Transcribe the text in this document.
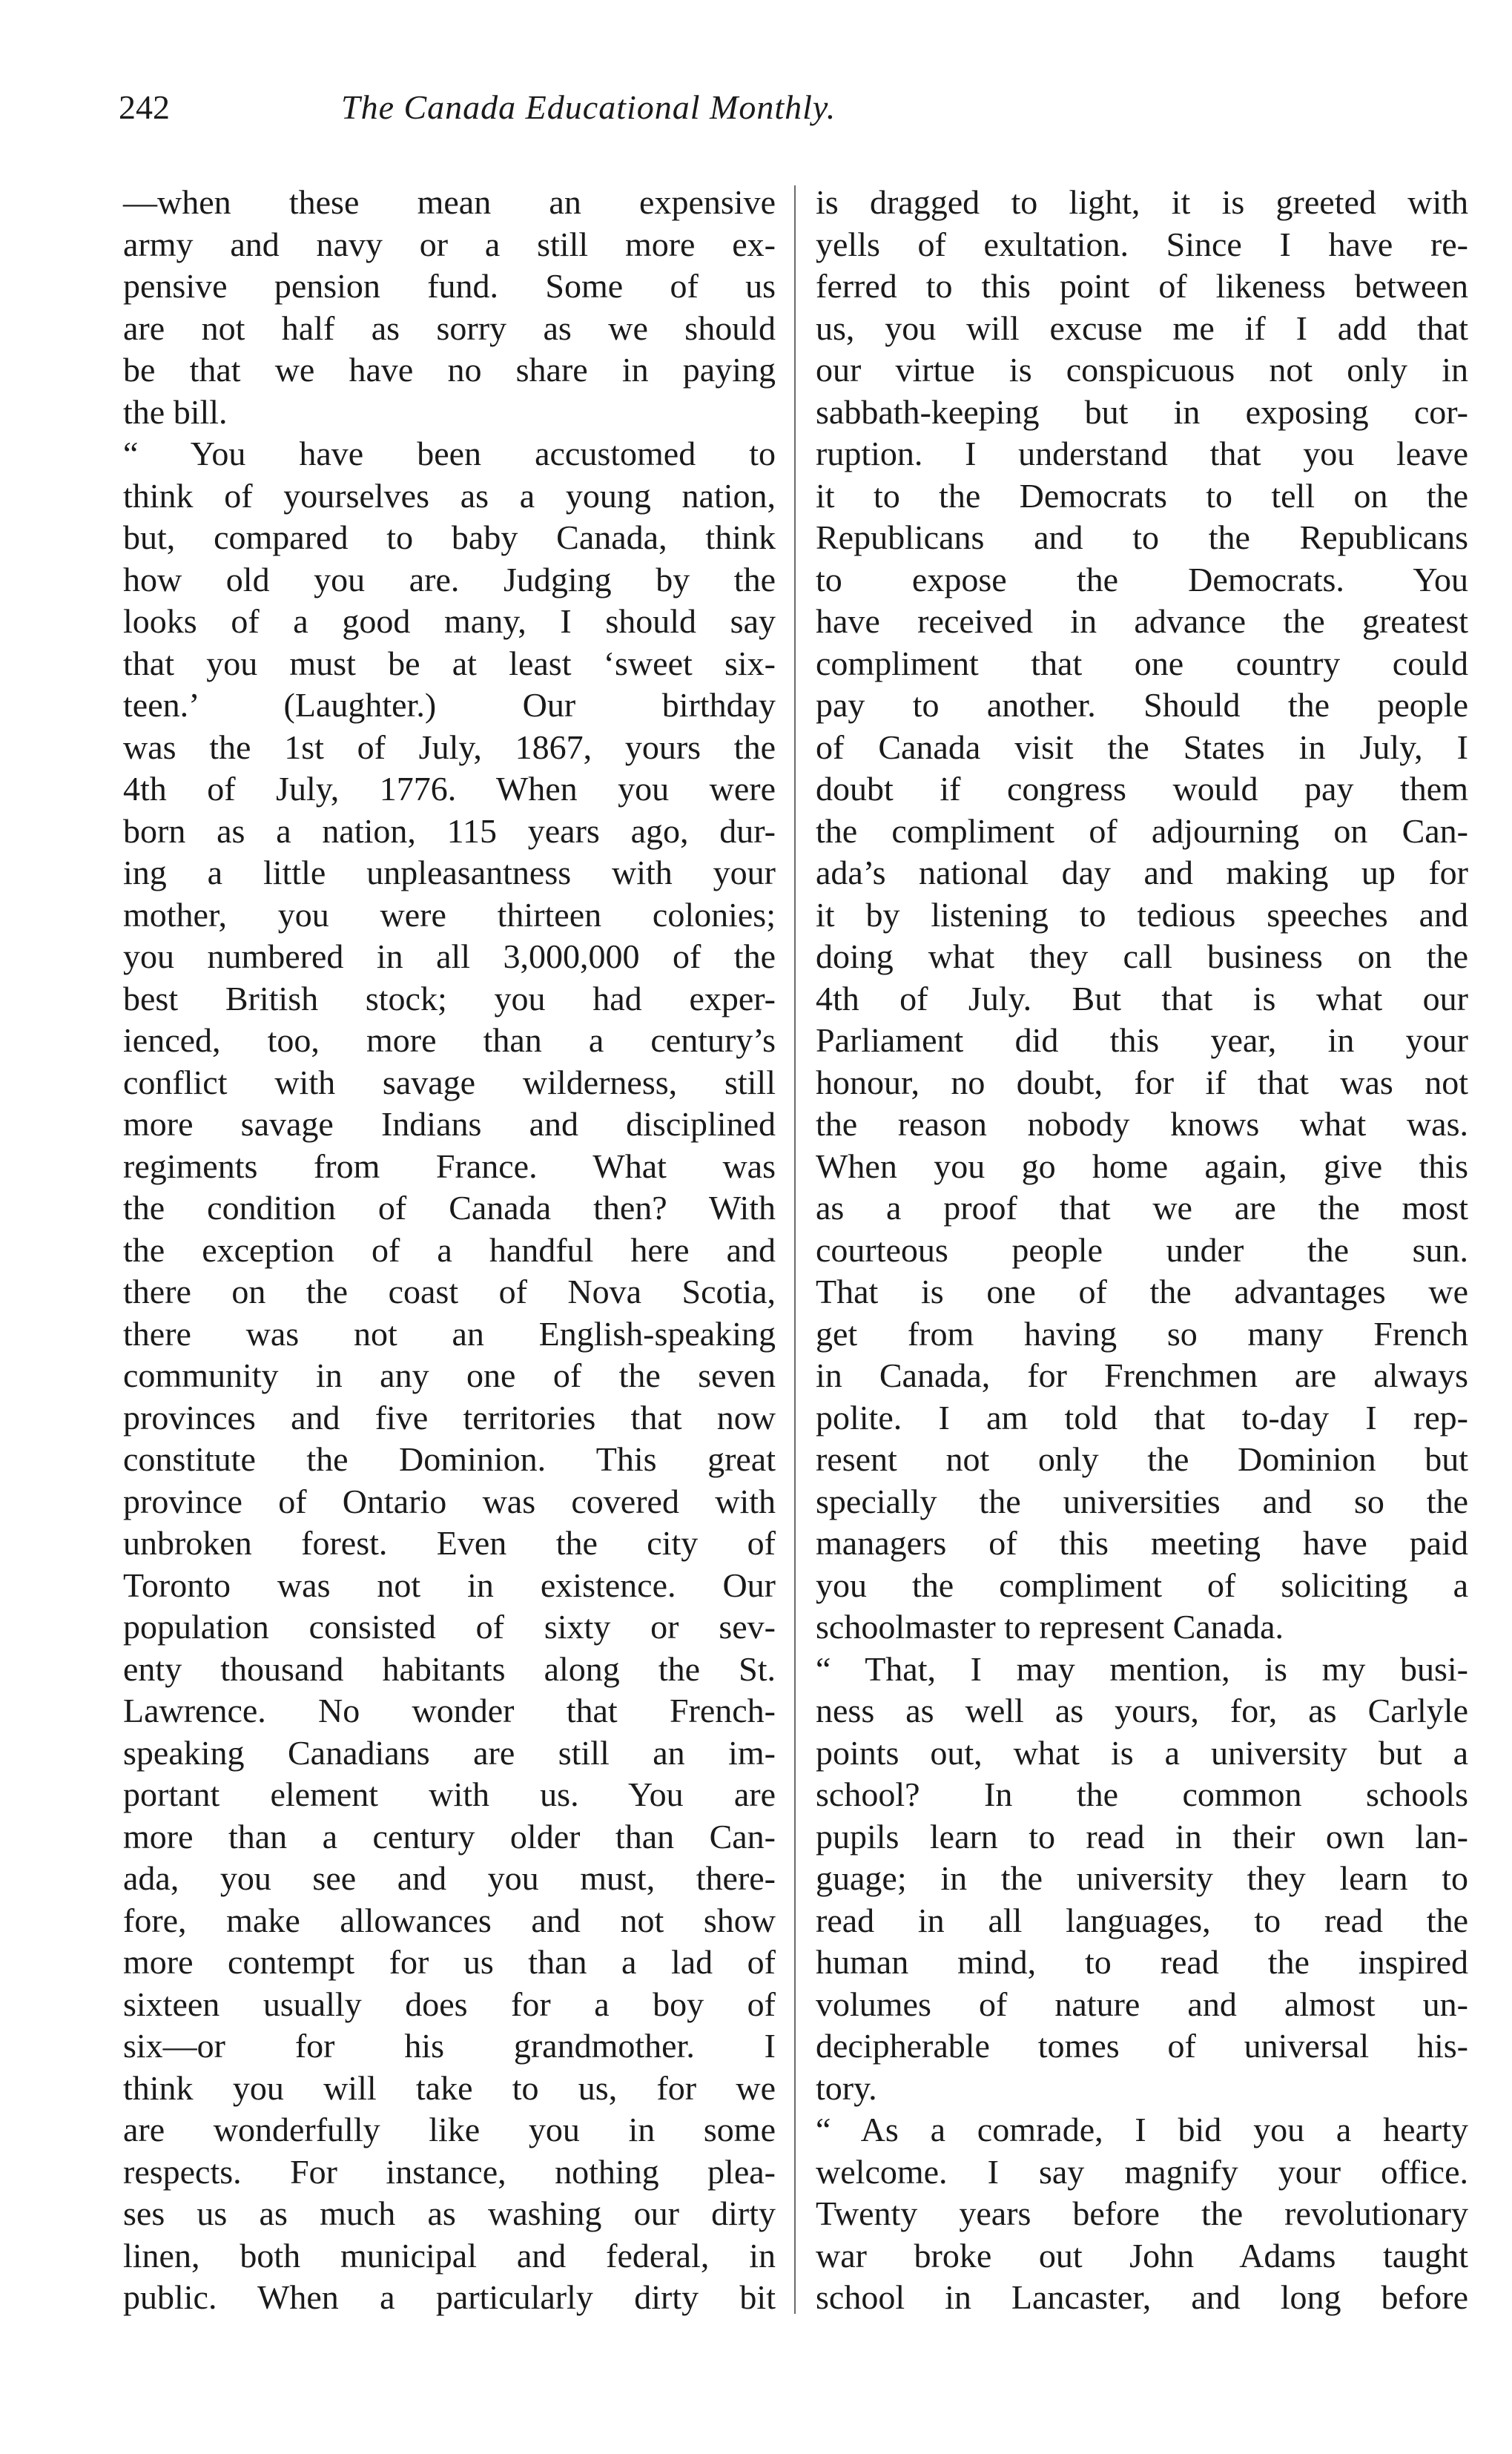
242	The Canada Educational Monthly.
—when these mean an expensive
army and navy or a still more ex-
pensive pension fund. Some of us
are not half as sorry as we should
be that we have no share in paying
the bill.
“ You have been accustomed to
think of yourselves as a young nation,
but, compared to baby Canada, think
how old you are. Judging by the
looks of a good many, I should say
that you must be at least ‘sweet six-
teen.’ (Laughter.) Our birthday
was the 1st of July, 1867, yours the
4th of July, 1776. When you were
born as a nation, 115 years ago, dur-
ing a little unpleasantness with your
mother, you were thirteen colonies;
you numbered in all 3,000,000 of the
best British stock; you had exper-
ienced, too, more than a century’s
conflict with savage wilderness, still
more savage Indians and disciplined
regiments from France. What was
the condition of Canada then? With
the exception of a handful here and
there on the coast of Nova Scotia,
there was not an English-speaking
community in any one of the seven
provinces and five territories that now
constitute the Dominion. This great
province of Ontario was covered with
unbroken forest. Even the city of
Toronto was not in existence. Our
population consisted of sixty or sev-
enty thousand habitants along the St.
Lawrence. No wonder that French-
speaking Canadians are still an im-
portant element with us. You are
more than a century older than Can-
ada, you see and you must, there-
fore, make allowances and not show
more contempt for us than a lad of
sixteen usually does for a boy of
six—or for his grandmother. I
think you will take to us, for we
are wonderfully like you in some
respects. For instance, nothing plea-
ses us as much as washing our dirty
linen, both municipal and federal, in
public. When a particularly dirty bit
is dragged to light, it is greeted with
yells of exultation. Since I have re-
ferred to this point of likeness between
us, you will excuse me if I add that
our virtue is conspicuous not only in
sabbath-keeping but in exposing cor-
ruption. I understand that you leave
it to the Democrats to tell on the
Republicans and to the Republicans
to expose the Democrats. You
have received in advance the greatest
compliment that one country could
pay to another. Should the people
of Canada visit the States in July, I
doubt if congress would pay them
the compliment of adjourning on Can-
ada’s national day and making up for
it by listening to tedious speeches and
doing what they call business on the
4th of July. But that is what our
Parliament did this year, in your
honour, no doubt, for if that was not
the reason nobody knows what was.
When you go home again, give this
as a proof that we are the most
courteous people under the sun.
That is one of the advantages we
get from having so many French
in Canada, for Frenchmen are always
polite. I am told that to-day I rep-
resent not only the Dominion but
specially the universities and so the
managers of this meeting have paid
you the compliment of soliciting a
schoolmaster to represent Canada.
“ That, I may mention, is my busi-
ness as well as yours, for, as Carlyle
points out, what is a university but a
school? In the common schools
pupils learn to read in their own lan-
guage; in the university they learn to
read in all languages, to read the
human mind, to read the inspired
volumes of nature and almost un-
decipherable tomes of universal his-
tory.
“ As a comrade, I bid you a hearty
welcome. I say magnify your office.
Twenty years before the revolutionary
war broke out John Adams taught
school in Lancaster, and long before
